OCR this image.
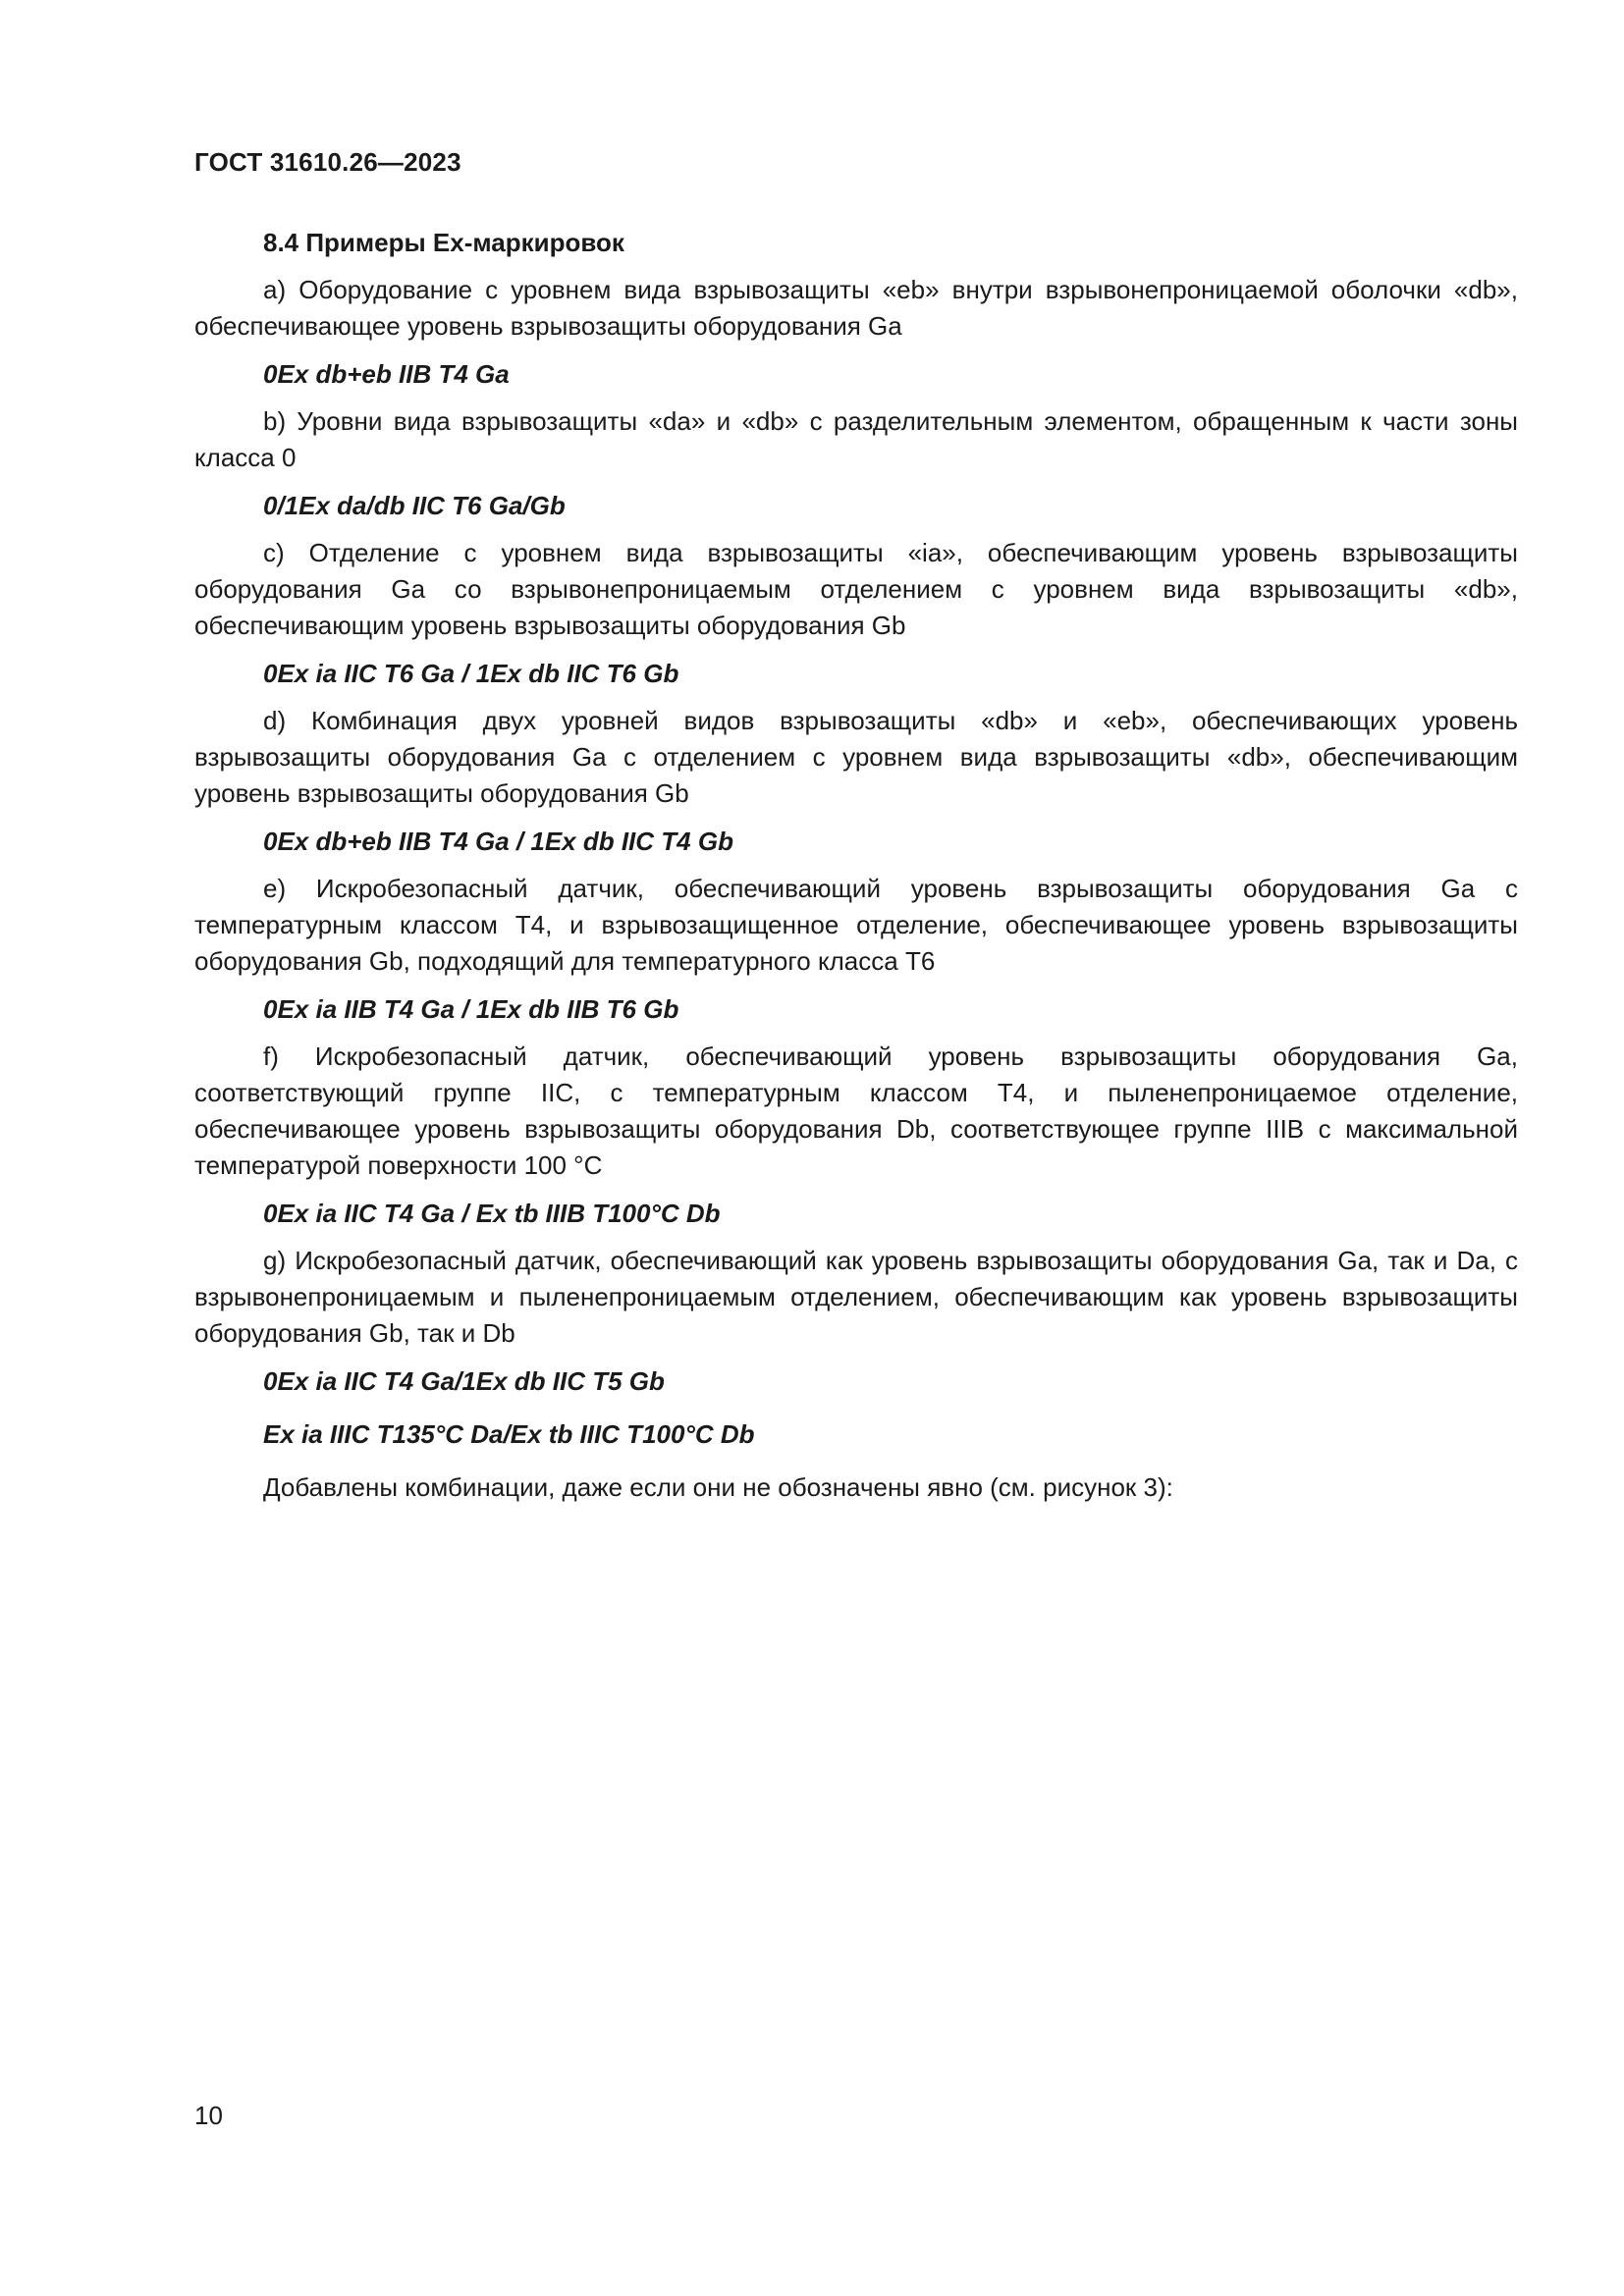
ГОСТ 31610.26—2023
8.4 Примеры Ex-маркировок

a) Оборудование с уровнем вида взрывозащиты «eb» внутри взрывонепроницаемой оболочки «db», обеспечивающее уровень взрывозащиты оборудования Ga

0Ex db+eb IIB T4 Ga

b) Уровни вида взрывозащиты «da» и «db» с разделительным элементом, обращенным к части зоны класса 0

0/1Ex da/db IIC T6 Ga/Gb

c) Отделение с уровнем вида взрывозащиты «ia», обеспечивающим уровень взрывозащиты оборудования Ga со взрывонепроницаемым отделением с уровнем вида взрывозащиты «db», обеспечивающим уровень взрывозащиты оборудования Gb

0Ex ia IIC T6 Ga / 1Ex db IIC T6 Gb

d) Комбинация двух уровней видов взрывозащиты «db» и «eb», обеспечивающих уровень взрывозащиты оборудования Ga с отделением с уровнем вида взрывозащиты «db», обеспечивающим уровень взрывозащиты оборудования Gb

0Ex db+eb IIB T4 Ga / 1Ex db IIC T4 Gb

e) Искробезопасный датчик, обеспечивающий уровень взрывозащиты оборудования Ga с температурным классом T4, и взрывозащищенное отделение, обеспечивающее уровень взрывозащиты оборудования Gb, подходящий для температурного класса T6

0Ex ia IIB T4 Ga / 1Ex db IIB T6 Gb

f) Искробезопасный датчик, обеспечивающий уровень взрывозащиты оборудования Ga, соответствующий группе IIC, с температурным классом T4, и пыленепроницаемое отделение, обеспечивающее уровень взрывозащиты оборудования Db, соответствующее группе IIIB с максимальной температурой поверхности 100 °C

0Ex ia IIC T4 Ga / Ex tb IIIB T100°C Db

g) Искробезопасный датчик, обеспечивающий как уровень взрывозащиты оборудования Ga, так и Da, с взрывонепроницаемым и пыленепроницаемым отделением, обеспечивающим как уровень взрывозащиты оборудования Gb, так и Db

0Ex ia IIC T4 Ga/1Ex db IIC T5 Gb
Ex ia IIIC T135°C Da/Ex tb IIIC T100°C Db

Добавлены комбинации, даже если они не обозначены явно (см. рисунок 3):

10
